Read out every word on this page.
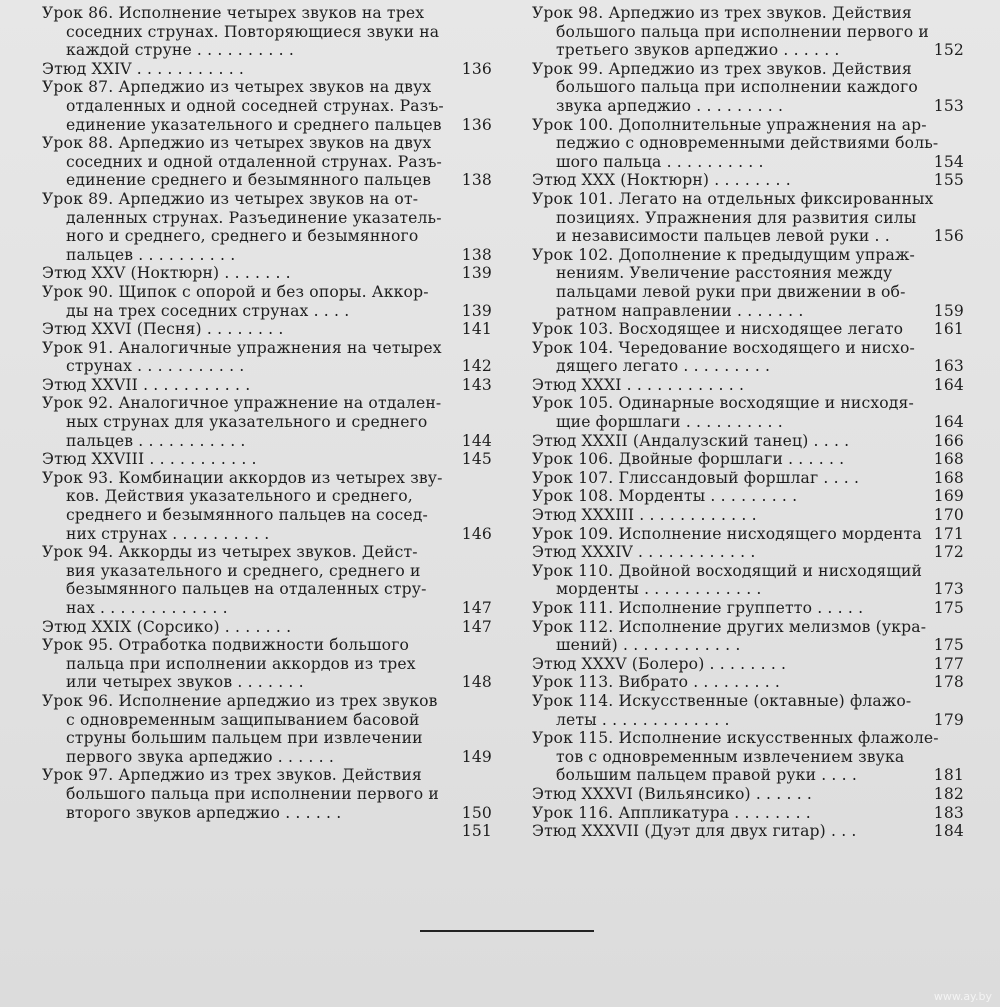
Урок 86. Исполнение четырех звуков на трех
соседних струнах. Повторяющиеся звуки на
каждой струне . . . . . . . . . .
Этюд XXIV . . . . . . . . . . .	136
Урок 87. Арпеджио из четырех звуков на двух
отдаленных и одной соседней струнах. Разъ-
единение указательного и среднего пальцев	136
Урок 88. Арпеджио из четырех звуков на двух
соседних и одной отдаленной струнах. Разъ-
единение среднего и безымянного пальцев	138
Урок 89. Арпеджио из четырех звуков на от-
даленных струнах. Разъединение указатель-
ного и среднего, среднего и безымянного
пальцев . . . . . . . . . .	138
Этюд XXV (Ноктюрн) . . . . . . .	139
Урок 90. Щипок с опорой и без опоры. Аккор-
ды на трех соседних струнах . . . .	139
Этюд XXVI (Песня) . . . . . . . .	141
Урок 91. Аналогичные упражнения на четырех
струнах . . . . . . . . . . .	142
Этюд XXVII . . . . . . . . . . .	143
Урок 92. Аналогичное упражнение на отдален-
ных струнах для указательного и среднего
пальцев . . . . . . . . . . .	144
Этюд XXVIII . . . . . . . . . . .	145
Урок 93. Комбинации аккордов из четырех зву-
ков. Действия указательного и среднего,
среднего и безымянного пальцев на сосед-
них струнах . . . . . . . . . .	146
Урок 94. Аккорды из четырех звуков. Дейст-
вия указательного и среднего, среднего и
безымянного пальцев на отдаленных стру-
нах . . . . . . . . . . . . .	147
Этюд XXIX (Сорсико) . . . . . . .	147
Урок 95. Отработка подвижности большого
пальца при исполнении аккордов из трех
или четырех звуков . . . . . . .	148
Урок 96. Исполнение арпеджио из трех звуков
с одновременным защипыванием басовой
струны большим пальцем при извлечении
первого звука арпеджио . . . . . .	149
Урок 97. Арпеджио из трех звуков. Действия
большого пальца при исполнении первого и
второго звуков арпеджио . . . . . .	150
151
Урок 98. Арпеджио из трех звуков. Действия
большого пальца при исполнении первого и
третьего звуков арпеджио . . . . . .	152
Урок 99. Арпеджио из трех звуков. Действия
большого пальца при исполнении каждого
звука арпеджио . . . . . . . . .	153
Урок 100. Дополнительные упражнения на ар-
педжио с одновременными действиями боль-
шого пальца . . . . . . . . . .	154
Этюд XXX (Ноктюрн) . . . . . . . .	155
Урок 101. Легато на отдельных фиксированных
позициях. Упражнения для развития силы
и независимости пальцев левой руки . .	156
Урок 102. Дополнение к предыдущим упраж-
нениям. Увеличение расстояния между
пальцами левой руки при движении в об-
ратном направлении . . . . . . .	159
Урок 103. Восходящее и нисходящее легато	161
Урок 104. Чередование восходящего и нисхо-
дящего легато . . . . . . . . .	163
Этюд XXXI . . . . . . . . . . . .	164
Урок 105. Одинарные восходящие и нисходя-
щие форшлаги . . . . . . . . . .	164
Этюд XXXII (Андалузский танец) . . . .	166
Урок 106. Двойные форшлаги . . . . . .	168
Урок 107. Глиссандовый форшлаг . . . .	168
Урок 108. Морденты . . . . . . . . .	169
Этюд XXXIII . . . . . . . . . . . .	170
Урок 109. Исполнение нисходящего мордента 171
Этюд XXXIV . . . . . . . . . . . .	172
Урок 110. Двойной восходящий и нисходящий
морденты . . . . . . . . . . . .	173
Урок 111. Исполнение группетто . . . . .	175
Урок 112. Исполнение других мелизмов (укра-
шений) . . . . . . . . . . . .	175
Этюд XXXV (Болеро) . . . . . . . .	177
Урок 113. Вибрато . . . . . . . . .	178
Урок 114. Искусственные (октавные) флажо-
леты . . . . . . . . . . . . .	179
Урок 115. Исполнение искусственных флажоле-
тов с одновременным извлечением звука
большим пальцем правой руки . . . .	181
Этюд XXXVI (Вильянсико) . . . . . .	182
Урок 116. Аппликатура . . . . . . . .	183
Этюд XXXVII (Дуэт для двух гитар) . . .	184
www.ay.by
